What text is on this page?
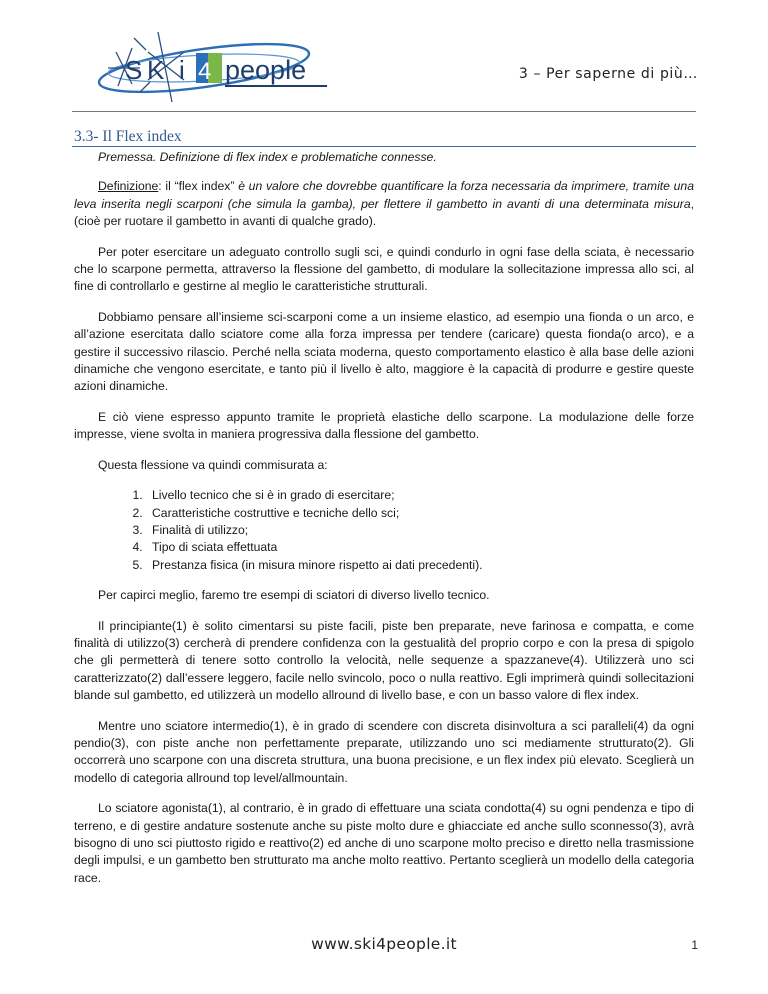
S K i 4 people	3 – Per saperne di più…
3.3- Il Flex index

Premessa. Definizione di flex index e problematiche connesse.

Definizione: il “flex index” è un valore che dovrebbe quantificare la forza necessaria da imprimere, tramite una leva inserita negli scarponi (che simula la gamba), per flettere il gambetto in avanti di una determinata misura, (cioè per ruotare il gambetto in avanti di qualche grado).

Per poter esercitare un adeguato controllo sugli sci, e quindi condurlo in ogni fase della sciata, è necessario che lo scarpone permetta, attraverso la flessione del gambetto, di modulare la sollecitazione impressa allo sci, al fine di controllarlo e gestirne al meglio le caratteristiche strutturali.

Dobbiamo pensare all’insieme sci-scarponi come a un insieme elastico, ad esempio una fionda o un arco, e all’azione esercitata dallo sciatore come alla forza impressa per tendere (caricare) questa fionda(o arco), e a gestire il successivo rilascio. Perché nella sciata moderna, questo comportamento elastico è alla base delle azioni dinamiche che vengono esercitate, e tanto più il livello è alto, maggiore è la capacità di produrre e gestire queste azioni dinamiche.

E ciò viene espresso appunto tramite le proprietà elastiche dello scarpone. La modulazione delle forze impresse, viene svolta in maniera progressiva dalla flessione del gambetto.

Questa flessione va quindi commisurata a:

1. Livello tecnico che si è in grado di esercitare;
2. Caratteristiche costruttive e tecniche dello sci;
3. Finalità di utilizzo;
4. Tipo di sciata effettuata
5. Prestanza fisica (in misura minore rispetto ai dati precedenti).

Per capirci meglio, faremo tre esempi di sciatori di diverso livello tecnico.

Il principiante(1) è solito cimentarsi su piste facili, piste ben preparate, neve farinosa e compatta, e come finalità di utilizzo(3) cercherà di prendere confidenza con la gestualità del proprio corpo e con la presa di spigolo che gli permetterà di tenere sotto controllo la velocità, nelle sequenze a spazzaneve(4). Utilizzerà uno sci caratterizzato(2) dall’essere leggero, facile nello svincolo, poco o nulla reattivo. Egli imprimerà quindi sollecitazioni blande sul gambetto, ed utilizzerà un modello allround di livello base, e con un basso valore di flex index.

Mentre uno sciatore intermedio(1), è in grado di scendere con discreta disinvoltura a sci paralleli(4) da ogni pendio(3), con piste anche non perfettamente preparate, utilizzando uno sci mediamente strutturato(2). Gli occorrerà uno scarpone con una discreta struttura, una buona precisione, e un flex index più elevato. Sceglierà un modello di categoria allround top level/allmountain.

Lo sciatore agonista(1), al contrario, è in grado di effettuare una sciata condotta(4) su ogni pendenza e tipo di terreno, e di gestire andature sostenute anche su piste molto dure e ghiacciate ed anche sullo sconnesso(3), avrà bisogno di uno sci piuttosto rigido e reattivo(2) ed anche di uno scarpone molto preciso e diretto nella trasmissione degli impulsi, e un gambetto ben strutturato ma anche molto reattivo. Pertanto sceglierà un modello della categoria race.

www.ski4people.it	1
